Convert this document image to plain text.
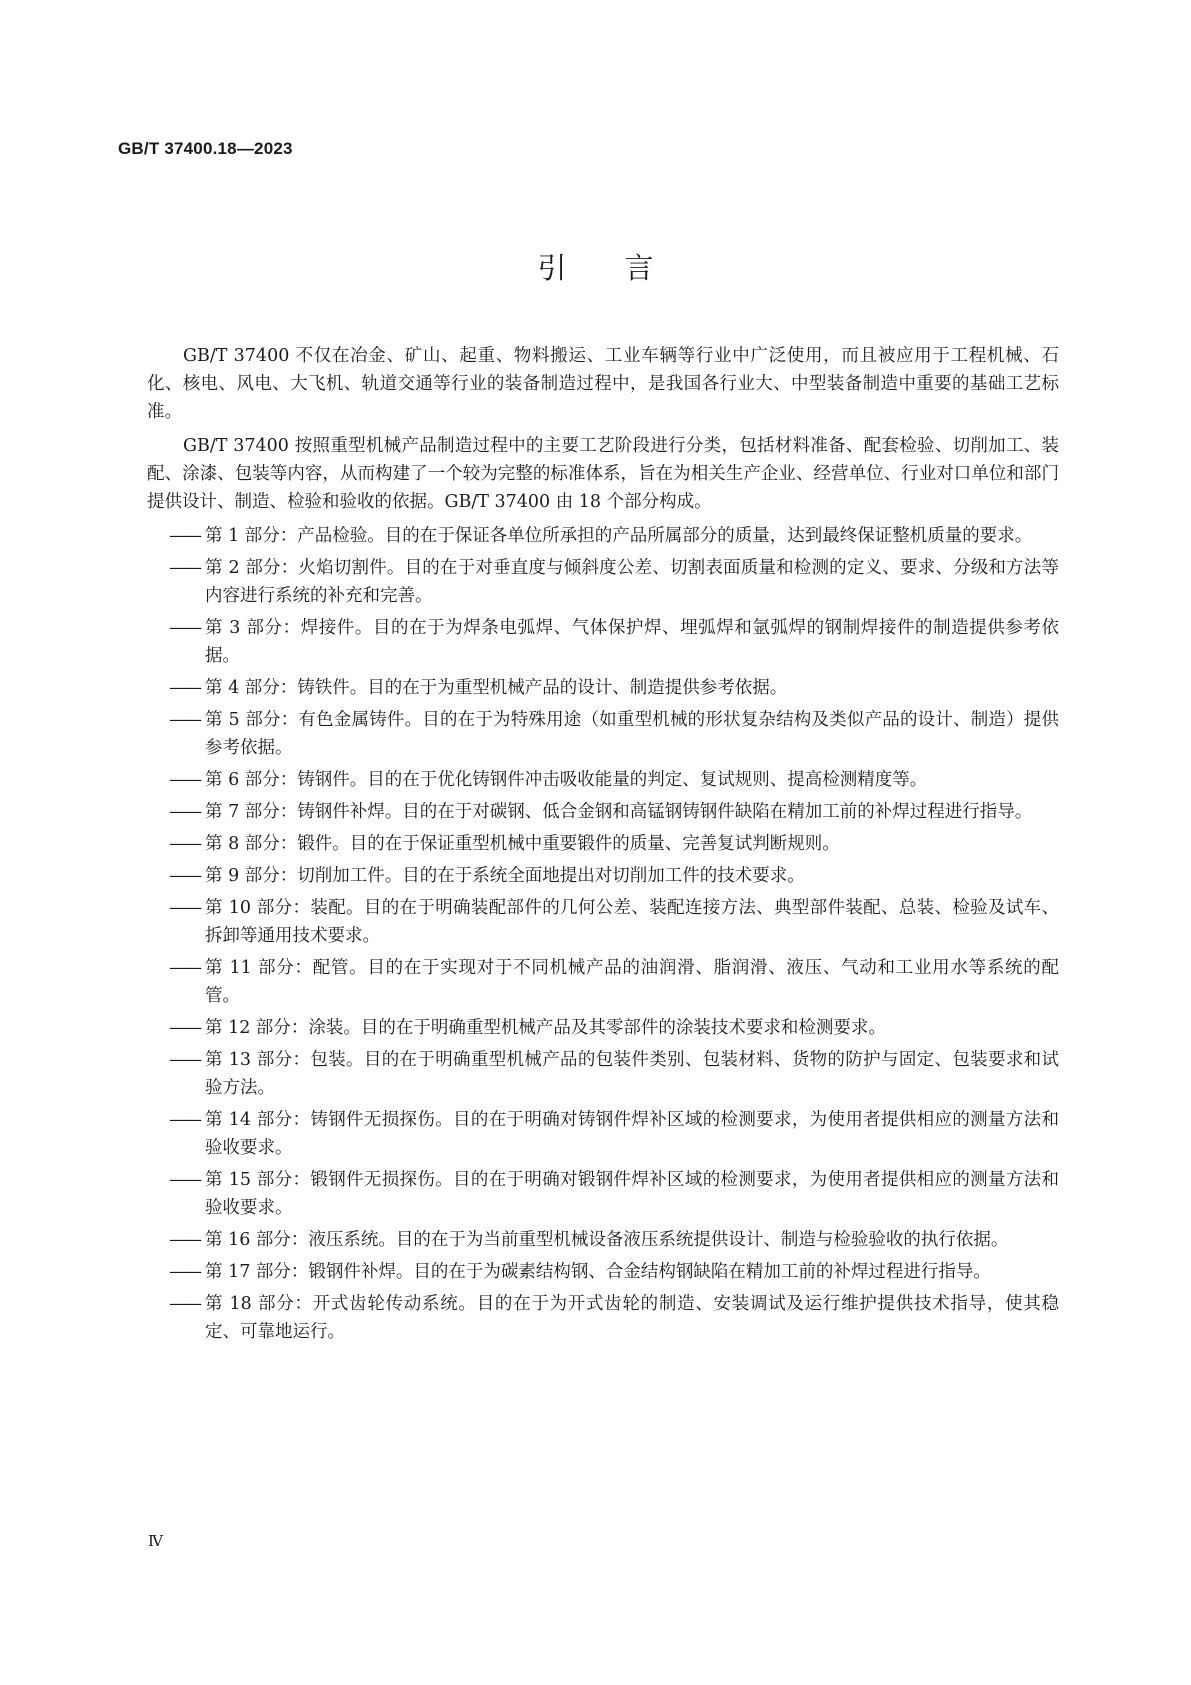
GB/T 37400.18—2023
引言

GB/T 37400 不仅在冶金、矿山、起重、物料搬运、工业车辆等行业中广泛使用，而且被应用于工程机械、石化、核电、风电、大飞机、轨道交通等行业的装备制造过程中，是我国各行业大、中型装备制造中重要的基础工艺标准。

GB/T 37400 按照重型机械产品制造过程中的主要工艺阶段进行分类，包括材料准备、配套检验、切削加工、装配、涂漆、包装等内容，从而构建了一个较为完整的标准体系，旨在为相关生产企业、经营单位、行业对口单位和部门提供设计、制造、检验和验收的依据。GB/T 37400 由 18 个部分构成。

—— 第 1 部分：产品检验。目的在于保证各单位所承担的产品所属部分的质量，达到最终保证整机质量的要求。
—— 第 2 部分：火焰切割件。目的在于对垂直度与倾斜度公差、切割表面质量和检测的定义、要求、分级和方法等内容进行系统的补充和完善。
—— 第 3 部分：焊接件。目的在于为焊条电弧焊、气体保护焊、埋弧焊和氩弧焊的钢制焊接件的制造提供参考依据。
—— 第 4 部分：铸铁件。目的在于为重型机械产品的设计、制造提供参考依据。
—— 第 5 部分：有色金属铸件。目的在于为特殊用途（如重型机械的形状复杂结构及类似产品的设计、制造）提供参考依据。
—— 第 6 部分：铸钢件。目的在于优化铸钢件冲击吸收能量的判定、复试规则、提高检测精度等。
—— 第 7 部分：铸钢件补焊。目的在于对碳钢、低合金钢和高锰钢铸钢件缺陷在精加工前的补焊过程进行指导。
—— 第 8 部分：锻件。目的在于保证重型机械中重要锻件的质量、完善复试判断规则。
—— 第 9 部分：切削加工件。目的在于系统全面地提出对切削加工件的技术要求。
—— 第 10 部分：装配。目的在于明确装配部件的几何公差、装配连接方法、典型部件装配、总装、检验及试车、拆卸等通用技术要求。
—— 第 11 部分：配管。目的在于实现对于不同机械产品的油润滑、脂润滑、液压、气动和工业用水等系统的配管。
—— 第 12 部分：涂装。目的在于明确重型机械产品及其零部件的涂装技术要求和检测要求。
—— 第 13 部分：包装。目的在于明确重型机械产品的包装件类别、包装材料、货物的防护与固定、包装要求和试验方法。
—— 第 14 部分：铸钢件无损探伤。目的在于明确对铸钢件焊补区域的检测要求，为使用者提供相应的测量方法和验收要求。
—— 第 15 部分：锻钢件无损探伤。目的在于明确对锻钢件焊补区域的检测要求，为使用者提供相应的测量方法和验收要求。
—— 第 16 部分：液压系统。目的在于为当前重型机械设备液压系统提供设计、制造与检验验收的执行依据。
—— 第 17 部分：锻钢件补焊。目的在于为碳素结构钢、合金结构钢缺陷在精加工前的补焊过程进行指导。
—— 第 18 部分：开式齿轮传动系统。目的在于为开式齿轮的制造、安装调试及运行维护提供技术指导，使其稳定、可靠地运行。
Ⅳ
